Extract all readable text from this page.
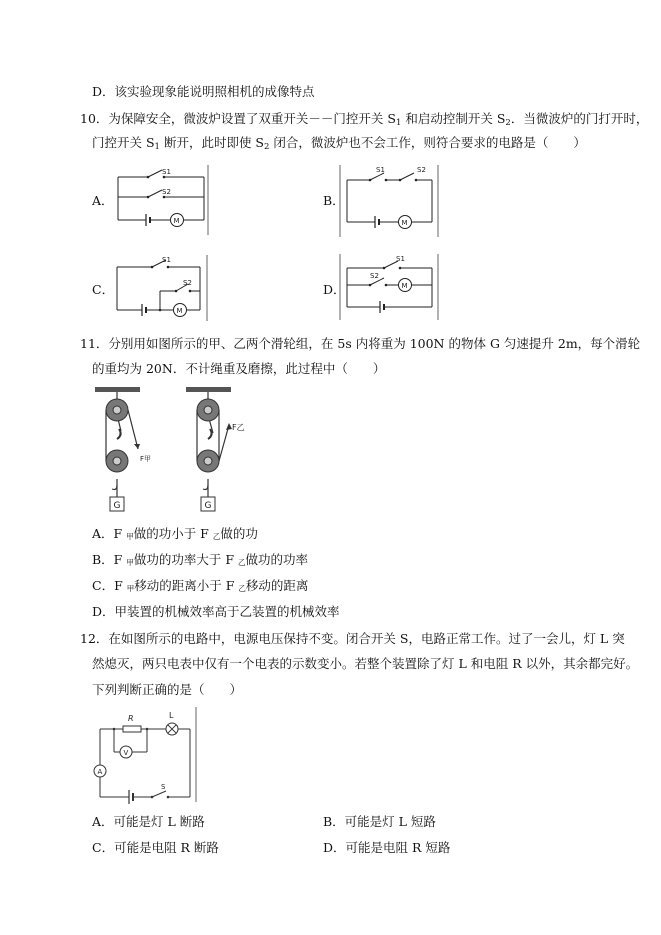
D．该实验现象能说明照相机的成像特点
10．为保障安全，微波炉设置了双重开关－－门控开关 $S_1$ 和启动控制开关 $S_2$．当微波炉的门打开时，
门控开关 $S_1$ 断开，此时即使 $S_2$ 闭合，微波炉也不会工作，则符合要求的电路是（　　）
A．	B．
C．	D．
S1
S2
M
S1	S2
M
S1
S2
M
S1
S2
M
11．分别用如图所示的甲、乙两个滑轮组，在 5s 内将重为 100N 的物体 G 匀速提升 2m，每个滑轮
的重均为 20N．不计绳重及磨擦，此过程中（　　）
G	G
F甲
F乙
A．F $_甲$做的功小于 F $_乙$做的功
B．F $_甲$做功的功率大于 F $_乙$做功的功率
C．F $_甲$移动的距离小于 F $_乙$移动的距离
D．甲装置的机械效率高于乙装置的机械效率
12．在如图所示的电路中，电源电压保持不变。闭合开关 S，电路正常工作。过了一会儿，灯 L 突
然熄灭，两只电表中仅有一个电表的示数变小。若整个装置除了灯 L 和电阻 R 以外，其余都完好。
下列判断正确的是（　　）
R	L
V
A
S
A．可能是灯 L 断路	B．可能是灯 L 短路
C．可能是电阻 R 断路	D．可能是电阻 R 短路
